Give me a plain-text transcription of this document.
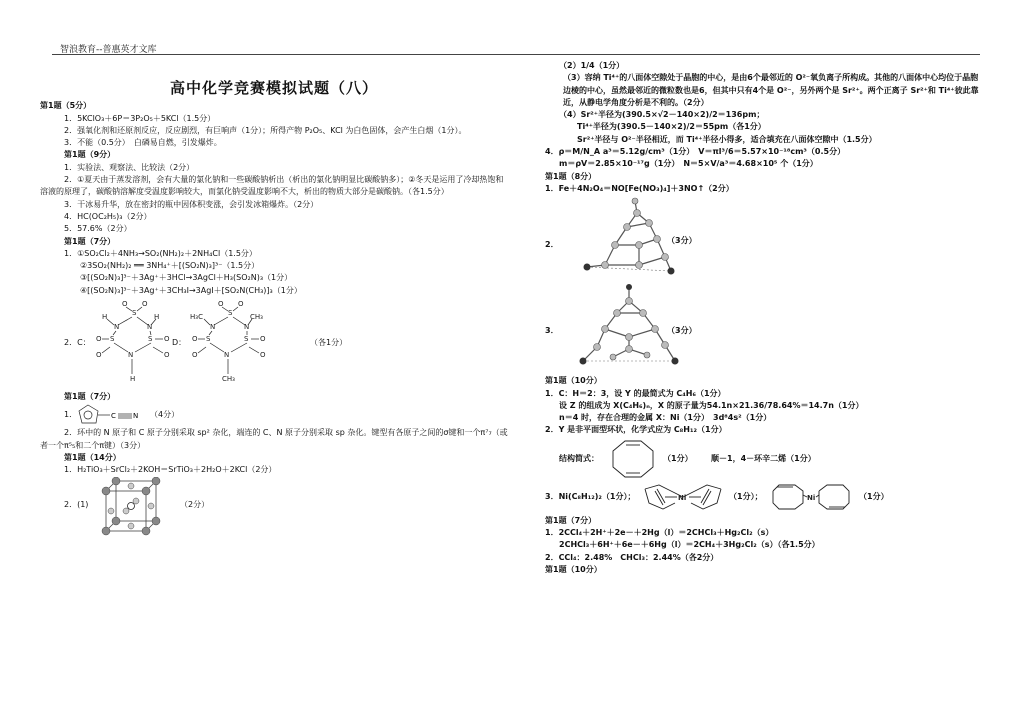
智浪教育--普惠英才文库
高中化学竞赛模拟试题（八）
第1题（5分）
1．5KClO₃＋6P＝3P₂O₅＋5KCl（1.5分）
2．强氧化剂和还原剂反应，反应剧烈，有巨响声（1分）；所得产物 P₂O₅、KCl 为白色固体，会产生白烟（1分）。
3．不能（0.5分）　白磷易自燃，引发爆炸。
第1题（9分）
1．实验法、观察法、比较法（2分）
2．①夏天由于蒸发溶剂，会有大量的氯化钠和一些碳酸钠析出（析出的氯化钠明显比碳酸钠多）；②冬天是运用了冷却热饱和溶液的原理了，碳酸钠溶解度受温度影响较大，而氯化钠受温度影响不大，析出的物质大部分是碳酸钠。（各1.5分）
3．干冰易升华，放在密封的瓶中因体积变涨，会引发冰箱爆炸。（2分）
4．HC(OC₂H₅)₃（2分）
5．57.6%（2分）
第1题（7分）
1．①SO₂Cl₂＋4NH₃→SO₂(NH₂)₂＋2NH₄Cl（1.5分）
②3SO₂(NH₂)₂ ══ 3NH₄⁺＋[(SO₂N)₃]³⁻（1.5分）
③[(SO₂N)₃]³⁻＋3Ag⁺＋3HCl→3AgCl＋H₃(SO₂N)₃（1分）
④[(SO₂N)₃]³⁻＋3Ag⁺＋3CH₃I→3AgI＋[SO₂N(CH₃)]₃（1分）
2．C：
O O
S
H	H
N	N
O S	S O
O	O
N
H
D：
O O
S
H₃C	CH₃
N	N
O S	S O
O	O
N
CH₃
（各1分）
第1题（7分）
1．	C N （4分）
2．环中的 N 原子和 C 原子分别采取 sp² 杂化，端连的 C、N 原子分别采取 sp 杂化。键型有各原子之间的σ键和一个π⁷₇（或者一个π⁵₅和二个π键）（3分）
第1题（14分）
1．H₂TiO₃＋SrCl₂＋2KOH＝SrTiO₃＋2H₂O＋2KCl（2分）
2．(1)	（2分）
（2）1/4（1分）
（3）容纳 Ti⁴⁺的八面体空隙处于晶胞的中心，是由6个最邻近的 O²⁻氧负离子所构成。其他的八面体中心均位于晶胞边棱的中心，虽然最邻近的微粒数也是6，但其中只有4个是 O²⁻，另外两个是 Sr²⁺。两个正离子 Sr²⁺和 Ti⁴⁺彼此靠近，从静电学角度分析是不利的。（2分）
（4）Sr²⁺半径为(390.5×√2－140×2)/2＝136pm；
Ti⁴⁺半径为(390.5－140×2)/2＝55pm（各1分）
Sr²⁺半径与 O²⁻半径相近，而 Ti⁴⁺半径小得多，适合填充在八面体空隙中（1.5分）
4．ρ＝M/N_A a³＝5.12g/cm³（1分）　V＝πl³/6＝5.57×10⁻¹⁸cm³（0.5分）
m＝ρV＝2.85×10⁻¹⁷g（1分）　N＝5×V/a³＝4.68×10⁵ 个（1分）
第1题（8分）
1．Fe＋4N₂O₄＝NO[Fe(NO₃)₄]＋3NO↑（2分）
2．	（3分）
3．	（3分）
第1题（10分）
1．C：H＝2：3，设 Y 的最简式为 C₄H₆（1分）
设 Z 的组成为 X(C₄H₆)ₙ，X 的原子量为54.1n×21.36/78.64%＝14.7n（1分）
n＝4 时，存在合理的金属 X：Ni（1分）　3d⁸4s²（1分）
2．Y 是非平面型环状，化学式应为 C₈H₁₂（1分）
结构简式：	（1分） 顺－1，4－环辛二烯（1分）
3．Ni(C₈H₁₂)₂（1分）；	Ni	（1分）；	Ni	（1分）
第1题（7分）
1．2CCl₄＋2H⁺＋2e－＋2Hg（l）＝2CHCl₃＋Hg₂Cl₂（s）
2CHCl₃＋6H⁺＋6e－＋6Hg（l）＝2CH₄＋3Hg₂Cl₂（s）（各1.5分）
2．CCl₄：2.48%　CHCl₃：2.44%（各2分）
第1题（10分）
